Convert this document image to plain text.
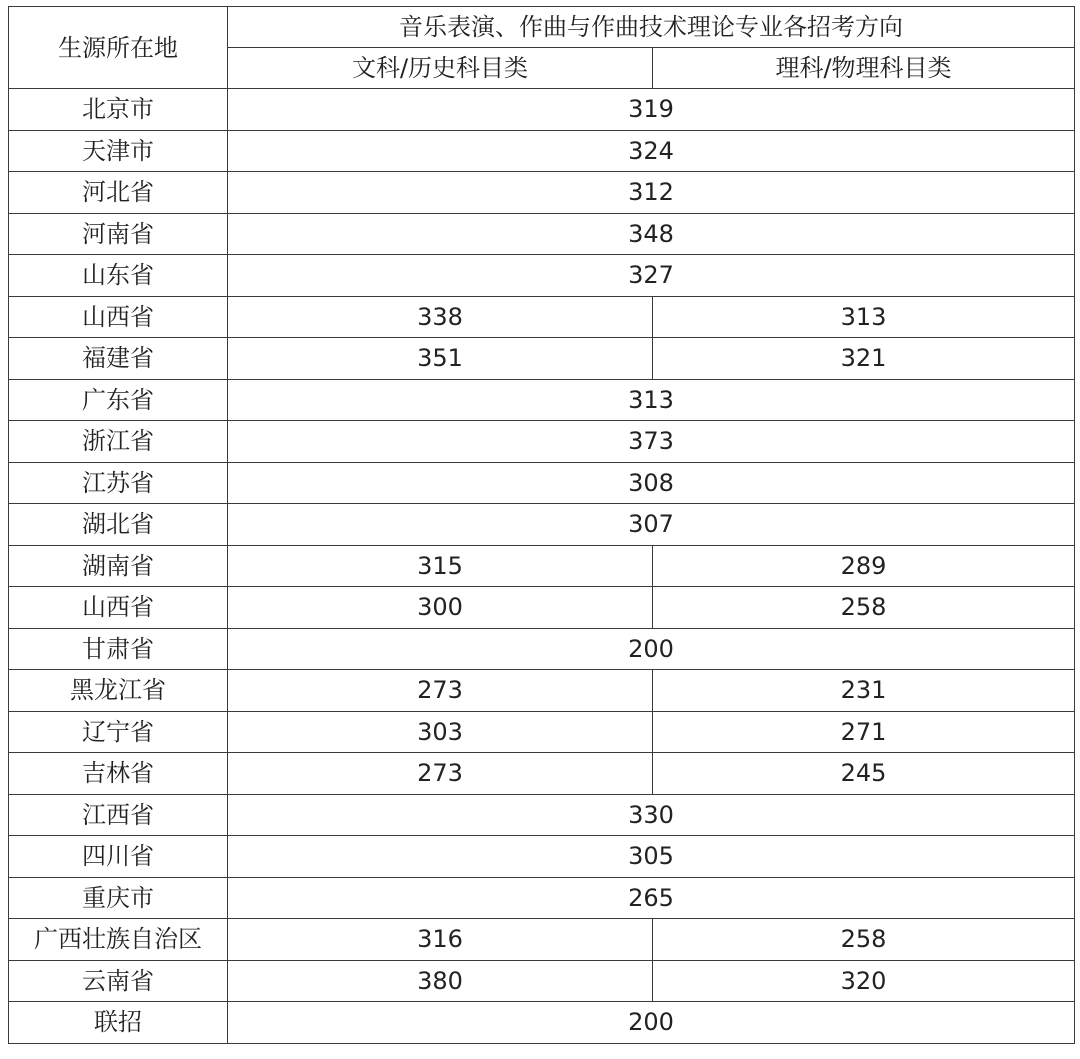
生源所在地	音乐表演、作曲与作曲技术理论专业各招考方向	
	文科/历史科目类	理科/物理科目类
北京市	319	
天津市	324	
河北省	312	
河南省	348	
山东省	327	
山西省	338	313
福建省	351	321
广东省	313	
浙江省	373	
江苏省	308	
湖北省	307	
湖南省	315	289
山西省	300	258
甘肃省	200	
黑龙江省	273	231
辽宁省	303	271
吉林省	273	245
江西省	330	
四川省	305	
重庆市	265	
广西壮族自治区	316	258
云南省	380	320
联招	200	
